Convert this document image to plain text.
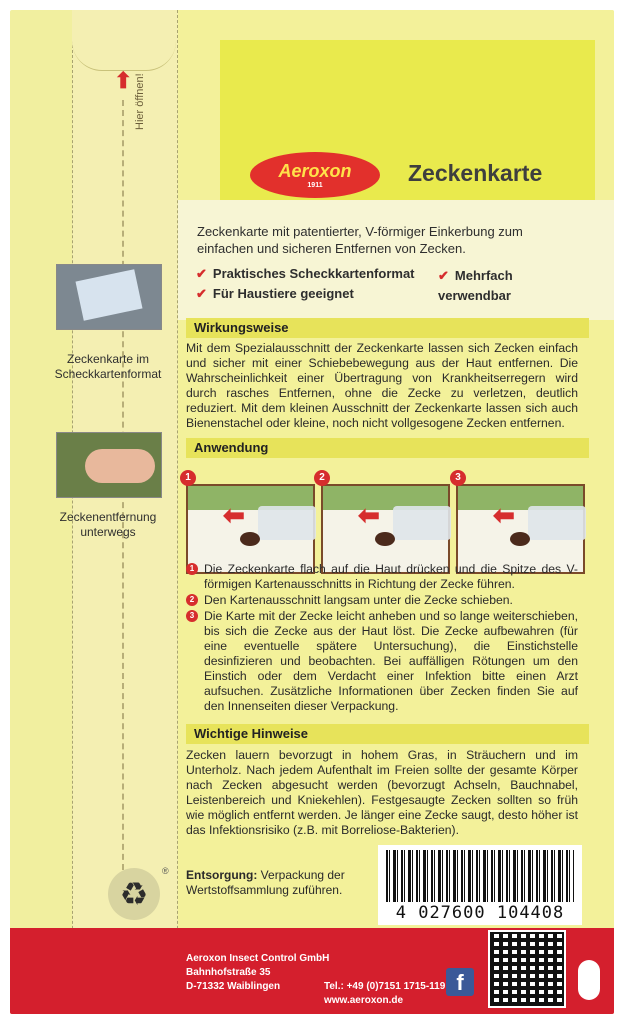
⬆ Hier öffnen!
Aeroxon
1911	Zeckenkarte
Zeckenkarte mit patentierter, V-förmiger Einkerbung zum einfachen und sicheren Entfernen von Zecken.
✔ Praktisches Scheckkartenformat
✔ Für Haustiere geeignet
✔ Mehrfach verwendbar
Zeckenkarte im Scheckkartenformat
Zeckenentfernung unterwegs
Wirkungsweise
Mit dem Spezialausschnitt der Zeckenkarte lassen sich Zecken einfach und sicher mit einer Schiebebewegung aus der Haut entfernen. Die Wahrscheinlichkeit einer Übertragung von Krankheitserregern wird durch rasches Entfernen, ohne die Zecke zu verletzen, deutlich reduziert. Mit dem kleinen Ausschnitt der Zeckenkarte lassen sich auch Bienenstachel oder kleine, noch nicht vollgesogene Zecken entfernen.
Anwendung
⬅
1
⬅
2
⬅
3
1 Die Zeckenkarte flach auf die Haut drücken und die Spitze des V-förmigen Kartenausschnitts in Richtung der Zecke führen.
2 Den Kartenausschnitt langsam unter die Zecke schieben.
3 Die Karte mit der Zecke leicht anheben und so lange weiterschieben, bis sich die Zecke aus der Haut löst. Die Zecke aufbewahren (für eine eventuelle spätere Untersuchung), die Einstichstelle desinfizieren und beobachten. Bei auffälligen Rötungen um den Einstich oder dem Verdacht einer Infektion bitte einen Arzt aufsuchen. Zusätzliche Informationen über Zecken finden Sie auf den Innenseiten dieser Verpackung.
Wichtige Hinweise
Zecken lauern bevorzugt in hohem Gras, in Sträuchern und im Unterholz. Nach jedem Aufenthalt im Freien sollte der gesamte Körper nach Zecken abgesucht werden (bevorzugt Achseln, Bauchnabel, Leistenbereich und Kniekehlen). Festgesaugte Zecken sollten so früh wie möglich entfernt werden. Je länger eine Zecke saugt, desto höher ist das Infektionsrisiko (z.B. mit Borreliose-Bakterien).
♻
® Entsorgung: Verpackung der Wertstoffsammlung zuführen.
4 027600 104408
Aeroxon Insect Control GmbH
Bahnhofstraße 35
D-71332 Waiblingen	Tel.: +49 (0)7151 1715-119
www.aeroxon.de
f
